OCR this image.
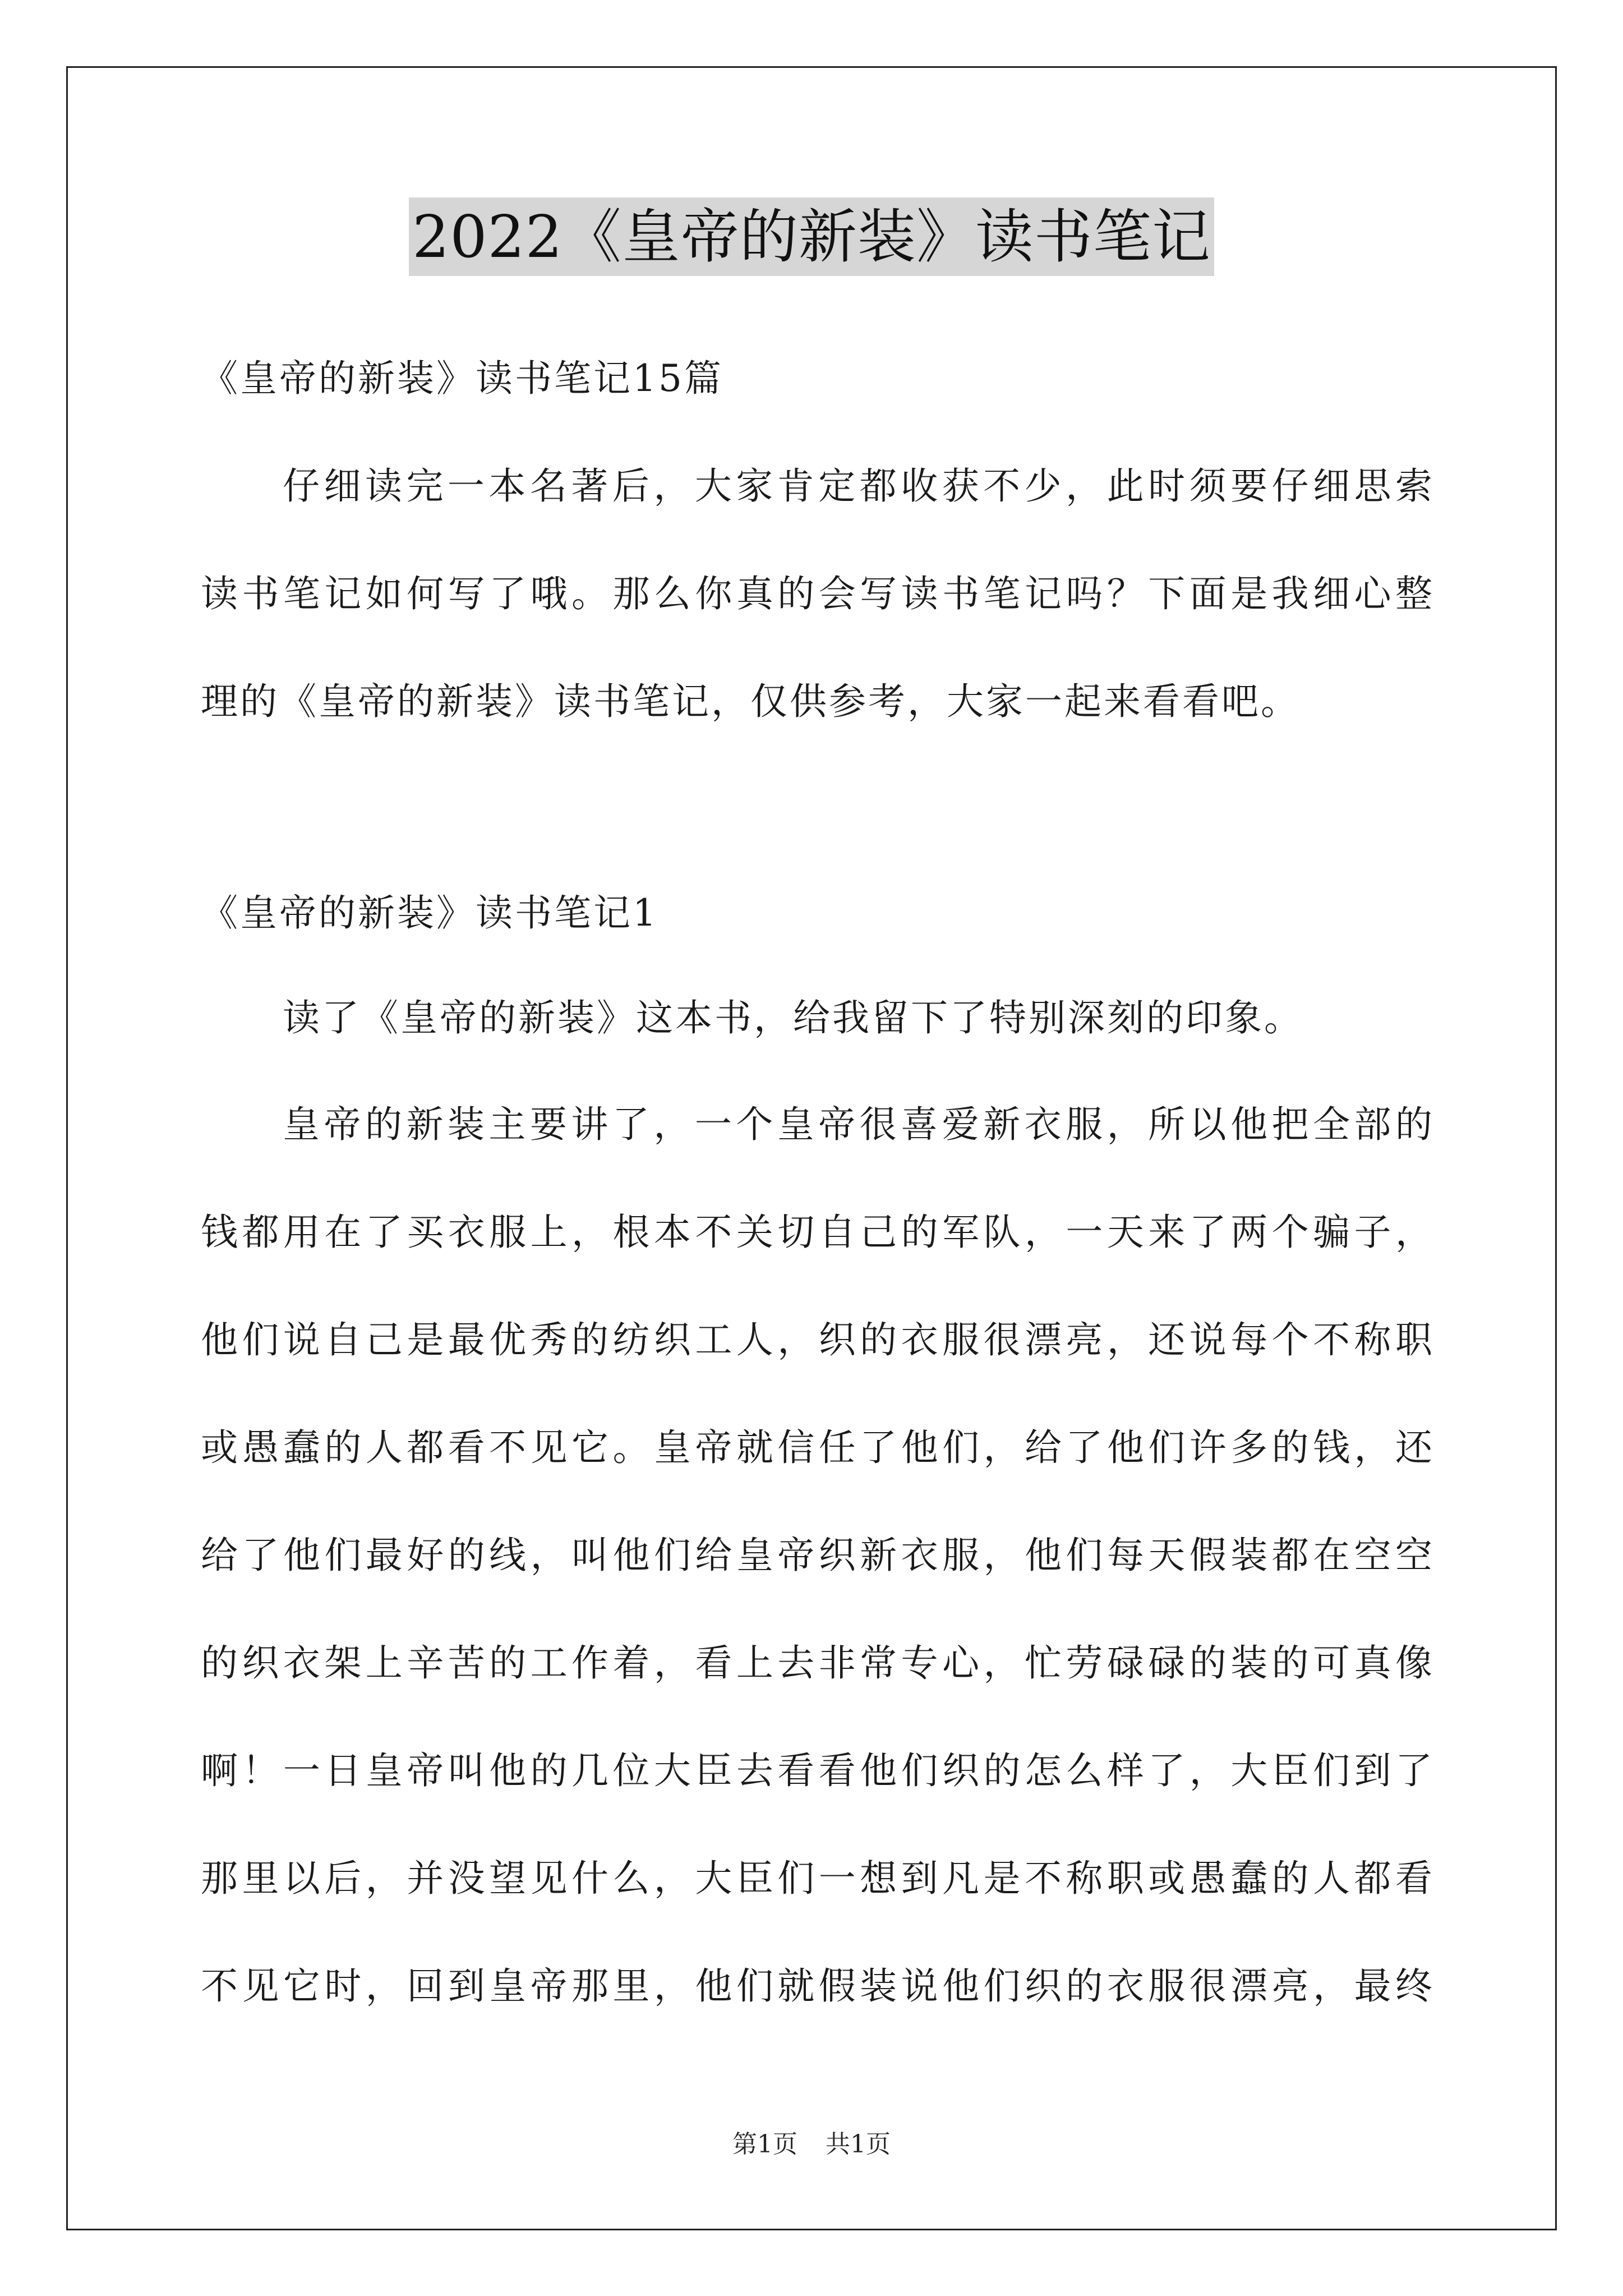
2022《皇帝的新装》读书笔记
《皇帝的新装》读书笔记15篇
仔细读完一本名著后，大家肯定都收获不少，此时须要仔细思索
读书笔记如何写了哦。那么你真的会写读书笔记吗？下面是我细心整
理的《皇帝的新装》读书笔记，仅供参考，大家一起来看看吧。
《皇帝的新装》读书笔记1
读了《皇帝的新装》这本书，给我留下了特别深刻的印象。
皇帝的新装主要讲了，一个皇帝很喜爱新衣服，所以他把全部的
钱都用在了买衣服上，根本不关切自己的军队，一天来了两个骗子，
他们说自己是最优秀的纺织工人，织的衣服很漂亮，还说每个不称职
或愚蠢的人都看不见它。皇帝就信任了他们，给了他们许多的钱，还
给了他们最好的线，叫他们给皇帝织新衣服，他们每天假装都在空空
的织衣架上辛苦的工作着，看上去非常专心，忙劳碌碌的装的可真像
啊！一日皇帝叫他的几位大臣去看看他们织的怎么样了，大臣们到了
那里以后，并没望见什么，大臣们一想到凡是不称职或愚蠢的人都看
不见它时，回到皇帝那里，他们就假装说他们织的衣服很漂亮，最终
第1页 共1页
